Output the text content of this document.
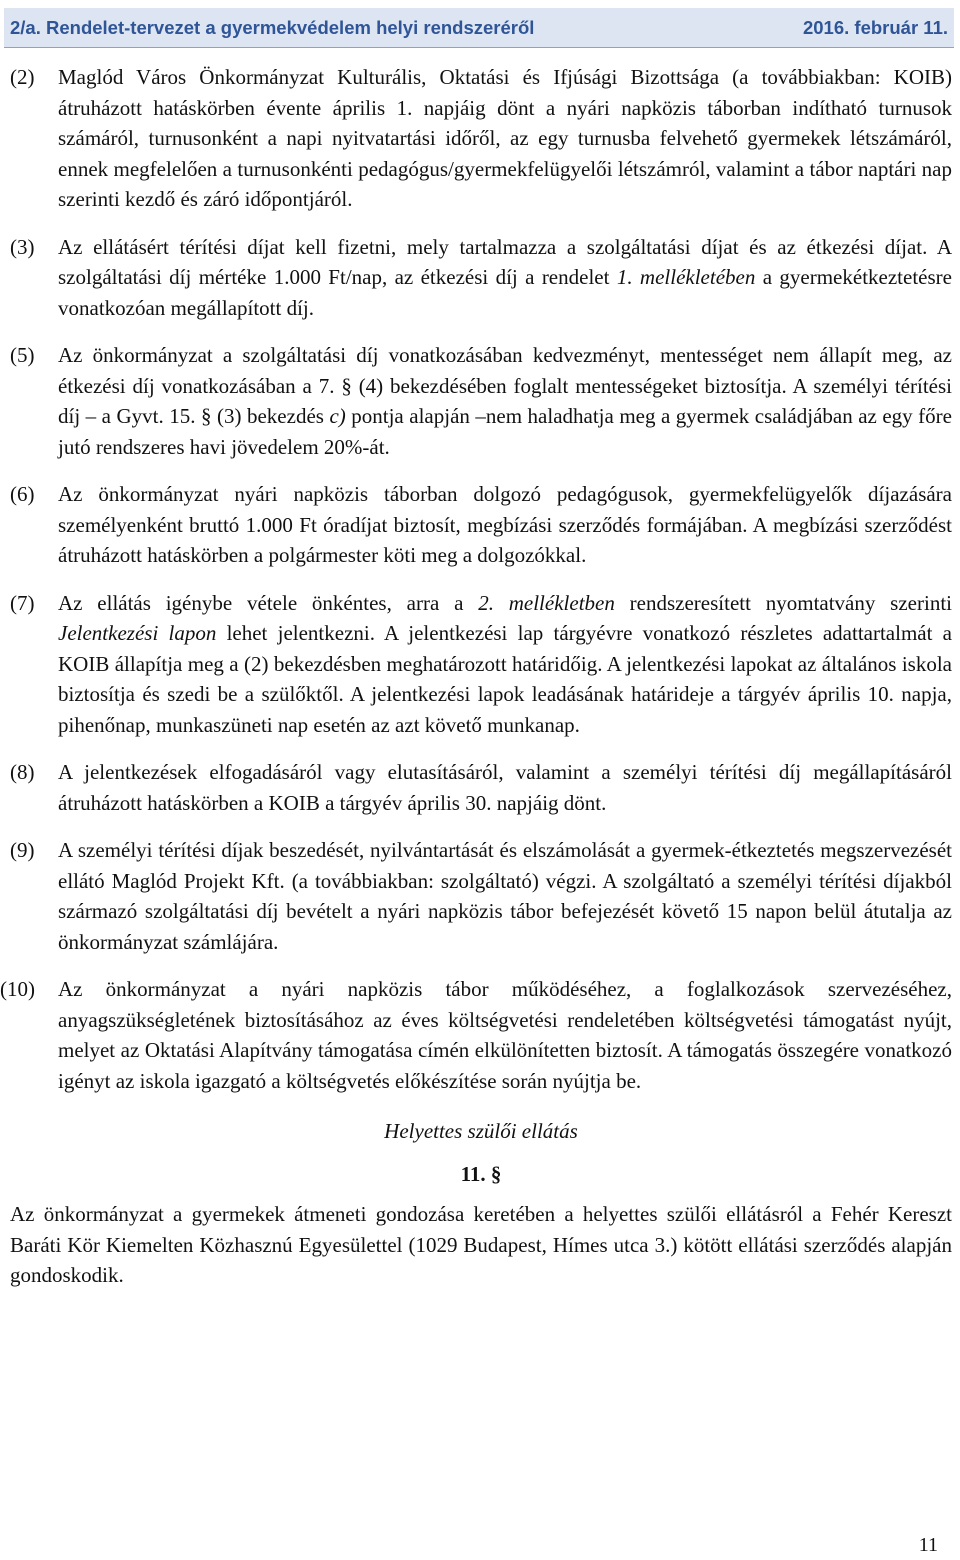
2/a. Rendelet-tervezet a gyermekvédelem helyi rendszeréről	2016. február 11.
(2) Maglód Város Önkormányzat Kulturális, Oktatási és Ifjúsági Bizottsága (a továbbiakban: KOIB) átruházott hatáskörben évente április 1. napjáig dönt a nyári napközis táborban indítható turnusok számáról, turnusonként a napi nyitvatartási időről, az egy turnusba felvehető gyermekek létszámáról, ennek megfelelően a turnusonkénti pedagógus/gyermekfelügyelői létszámról, valamint a tábor naptári nap szerinti kezdő és záró időpontjáról.
(3) Az ellátásért térítési díjat kell fizetni, mely tartalmazza a szolgáltatási díjat és az étkezési díjat. A szolgáltatási díj mértéke 1.000 Ft/nap, az étkezési díj a rendelet 1. mellékletében a gyermekétkeztetésre vonatkozóan megállapított díj.
(5) Az önkormányzat a szolgáltatási díj vonatkozásában kedvezményt, mentességet nem állapít meg, az étkezési díj vonatkozásában a 7. § (4) bekezdésében foglalt mentességeket biztosítja. A személyi térítési díj – a Gyvt. 15. § (3) bekezdés c) pontja alapján –nem haladhatja meg a gyermek családjában az egy főre jutó rendszeres havi jövedelem 20%-át.
(6) Az önkormányzat nyári napközis táborban dolgozó pedagógusok, gyermekfelügyelők díjazására személyenként bruttó 1.000 Ft óradíjat biztosít, megbízási szerződés formájában. A megbízási szerződést átruházott hatáskörben a polgármester köti meg a dolgozókkal.
(7) Az ellátás igénybe vétele önkéntes, arra a 2. mellékletben rendszeresített nyomtatvány szerinti Jelentkezési lapon lehet jelentkezni. A jelentkezési lap tárgyévre vonatkozó részletes adattartalmát a KOIB állapítja meg a (2) bekezdésben meghatározott határidőig. A jelentkezési lapokat az általános iskola biztosítja és szedi be a szülőktől. A jelentkezési lapok leadásának határideje a tárgyév április 10. napja, pihenőnap, munkaszüneti nap esetén az azt követő munkanap.
(8) A jelentkezések elfogadásáról vagy elutasításáról, valamint a személyi térítési díj megállapításáról átruházott hatáskörben a KOIB a tárgyév április 30. napjáig dönt.
(9) A személyi térítési díjak beszedését, nyilvántartását és elszámolását a gyermek-étkeztetés megszervezését ellátó Maglód Projekt Kft. (a továbbiakban: szolgáltató) végzi. A szolgáltató a személyi térítési díjakból származó szolgáltatási díj bevételt a nyári napközis tábor befejezését követő 15 napon belül átutalja az önkormányzat számlájára.
(10) Az önkormányzat a nyári napközis tábor működéséhez, a foglalkozások szervezéséhez, anyagszükségletének biztosításához az éves költségvetési rendeletében költségvetési támogatást nyújt, melyet az Oktatási Alapítvány támogatása címén elkülönítetten biztosít. A támogatás összegére vonatkozó igényt az iskola igazgató a költségvetés előkészítése során nyújtja be.
Helyettes szülői ellátás
11. §

Az önkormányzat a gyermekek átmeneti gondozása keretében a helyettes szülői ellátásról a Fehér Kereszt Baráti Kör Kiemelten Közhasznú Egyesülettel (1029 Budapest, Hímes utca 3.) kötött ellátási szerződés alapján gondoskodik.

11
